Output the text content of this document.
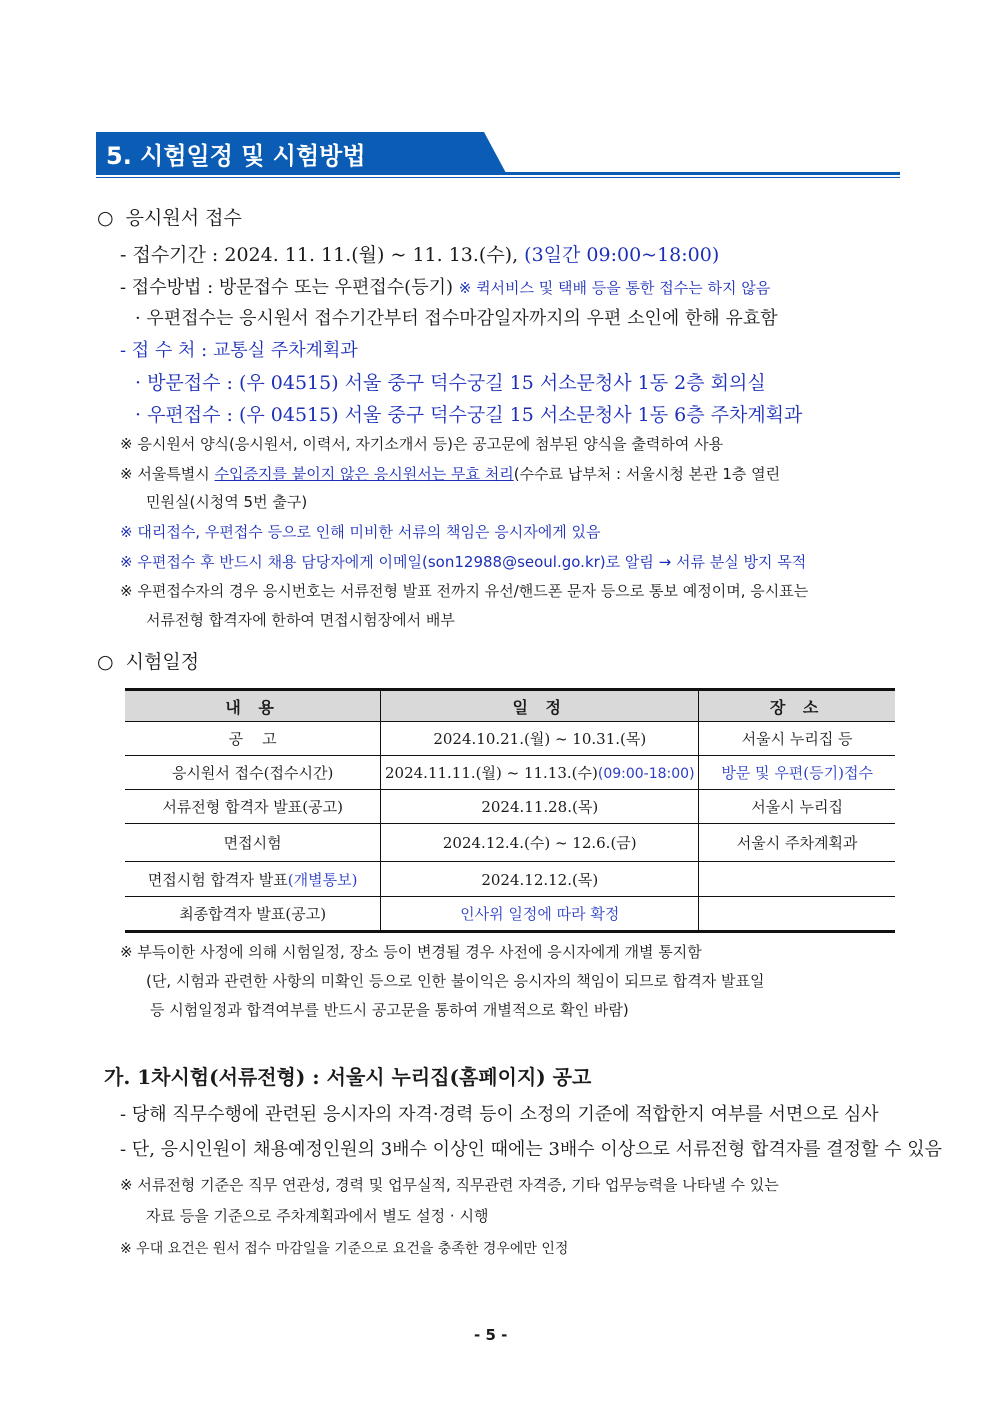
5. 시험일정 및 시험방법
○ 응시원서 접수
- 접수기간 : 2024. 11. 11.(월) ~ 11. 13.(수), (3일간 09:00~18:00)
- 접수방법 : 방문접수 또는 우편접수(등기) ※ 퀵서비스 및 택배 등을 통한 접수는 하지 않음
· 우편접수는 응시원서 접수기간부터 접수마감일자까지의 우편 소인에 한해 유효함
- 접 수 처 : 교통실 주차계획과
· 방문접수 : (우 04515) 서울 중구 덕수궁길 15 서소문청사 1동 2층 회의실
· 우편접수 : (우 04515) 서울 중구 덕수궁길 15 서소문청사 1동 6층 주차계획과
※ 응시원서 양식(응시원서, 이력서, 자기소개서 등)은 공고문에 첨부된 양식을 출력하여 사용
※ 서울특별시 수입증지를 붙이지 않은 응시원서는 무효 처리(수수료 납부처 : 서울시청 본관 1층 열린
민원실(시청역 5번 출구)
※ 대리접수, 우편접수 등으로 인해 미비한 서류의 책임은 응시자에게 있음
※ 우편접수 후 반드시 채용 담당자에게 이메일(son12988@seoul.go.kr)로 알림 → 서류 분실 방지 목적
※ 우편접수자의 경우 응시번호는 서류전형 발표 전까지 유선/핸드폰 문자 등으로 통보 예정이며, 응시표는
서류전형 합격자에 한하여 면접시험장에서 배부
○ 시험일정
내 용	일 정	장 소
공    고	2024.10.21.(월) ~ 10.31.(목)	서울시 누리집 등
응시원서 접수(접수시간)	2024.11.11.(월) ~ 11.13.(수)(09:00-18:00)	방문 및 우편(등기)접수
서류전형 합격자 발표(공고)	2024.11.28.(목)	서울시 누리집
면접시험	2024.12.4.(수) ~ 12.6.(금)	서울시 주차계획과
면접시험 합격자 발표(개별통보)	2024.12.12.(목)	
최종합격자 발표(공고)	인사위 일정에 따라 확정	
※ 부득이한 사정에 의해 시험일정, 장소 등이 변경될 경우 사전에 응시자에게 개별 통지함
(단, 시험과 관련한 사항의 미확인 등으로 인한 불이익은 응시자의 책임이 되므로 합격자 발표일
등 시험일정과 합격여부를 반드시 공고문을 통하여 개별적으로 확인 바람)
가. 1차시험(서류전형) : 서울시 누리집(홈페이지) 공고
- 당해 직무수행에 관련된 응시자의 자격·경력 등이 소정의 기준에 적합한지 여부를 서면으로 심사
- 단, 응시인원이 채용예정인원의 3배수 이상인 때에는 3배수 이상으로 서류전형 합격자를 결정할 수 있음
※ 서류전형 기준은 직무 연관성, 경력 및 업무실적, 직무관련 자격증, 기타 업무능력을 나타낼 수 있는
자료 등을 기준으로 주차계획과에서 별도 설정 · 시행
※ 우대 요건은 원서 접수 마감일을 기준으로 요건을 충족한 경우에만 인정
- 5 -
